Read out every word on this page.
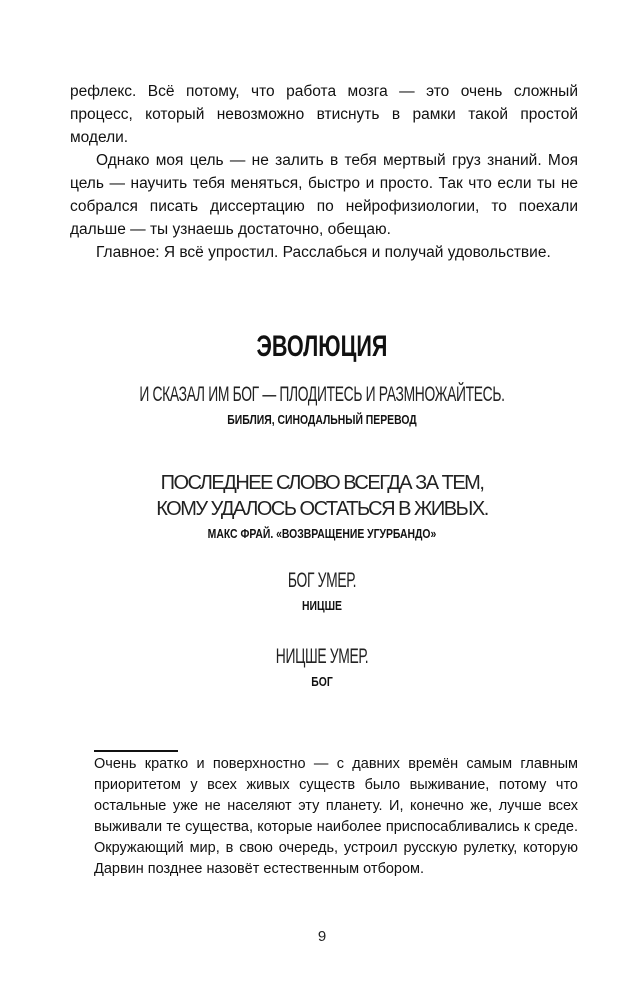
рефлекс. Всё потому, что работа мозга — это очень сложный процесс, который невозможно втиснуть в рамки такой простой модели.

Однако моя цель — не залить в тебя мертвый груз знаний. Моя цель — научить тебя меняться, быстро и просто. Так что если ты не собрался писать диссертацию по нейрофизиологии, то поехали дальше — ты узнаешь достаточно, обещаю.

Главное: Я всё упростил. Расслабься и получай удовольствие.

ЭВОЛЮЦИЯ

И СКАЗАЛ ИМ БОГ — ПЛОДИТЕСЬ И РАЗМНОЖАЙТЕСЬ.

БИБЛИЯ, СИНОДАЛЬНЫЙ ПЕРЕВОД

ПОСЛЕДНЕЕ СЛОВО ВСЕГДА ЗА ТЕМ, КОМУ УДАЛОСЬ ОСТАТЬСЯ В ЖИВЫХ.

МАКС ФРАЙ. «ВОЗВРАЩЕНИЕ УГУРБАНДО»

БОГ УМЕР.

НИЦШЕ

НИЦШЕ УМЕР.

БОГ

Очень кратко и поверхностно — с давних времён самым главным приоритетом у всех живых существ было выживание, потому что остальные уже не населяют эту планету. И, конечно же, лучше всех выживали те существа, которые наиболее приспосабливались к среде. Окружающий мир, в свою очередь, устроил русскую рулетку, которую Дарвин позднее назовёт естественным отбором.

9
